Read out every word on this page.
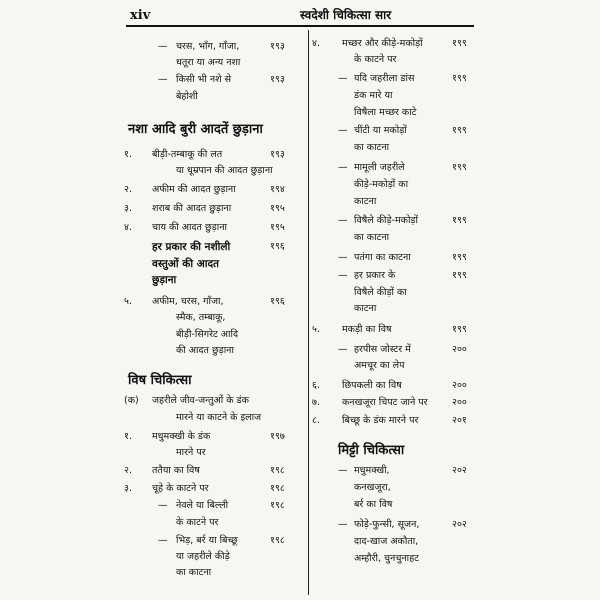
xiv	स्वदेशी चिकित्सा सार
— चरस, भाँग, गाँजा,	१९३
धतूरा या अन्य नशा
— किसी भी नशे से	१९३
बेहोशी
नशा आदि बुरी आदतें छुड़ाना
१. बीड़ी-तम्बाकू की लत	१९३
या धूम्रपान की आदत छुड़ाना
२. अफीम की आदत छुड़ाना	१९४
३. शराब की आदत छुड़ाना	१९५
४. चाय की आदत छुड़ाना	१९५
हर प्रकार की नशीली	१९६
वस्तुओं की आदत
छुड़ाना
५. अफीम, चरस, गाँजा,	१९६
स्मैक, तम्बाकू,
बीड़ी-सिगरेट आदि
की आदत छुड़ाना
विष चिकित्सा
(क) जहरीले जीव-जन्तुओं के डंक
मारने या काटने के इलाज
१. मधुमक्खी के डंक	१९७
मारने पर
२. ततैया का विष	१९८
३. चूहे के काटने पर	१९८
— नेवले या बिल्ली	१९८
के काटने पर
— भिड़, बर्र या बिच्छू	१९८
या जहरीले कीड़े
का काटना
४. मच्छर और कीड़े-मकोड़ों	१९९
के काटने पर
— यदि जहरीला डांस	१९९
डंक मारे या
विषैला मच्छर काटे
— चींटी या मकोड़ों	१९९
का काटना
— मामूली जहरीले	१९९
कीड़े-मकोड़ों का
काटना
— विषैले कीड़े-मकोड़ों	१९९
का काटना
— पतंगा का काटना	१९९
— हर प्रकार के	१९९
विषैले कीड़ों का
काटना
५. मकड़ी का विष	१९९
— हरपीस जोस्टर में	२००
अमचूर का लेप
६. छिपकली का विष	२००
७. कनखजूरा चिपट जाने पर	२००
८. बिच्छू के डंक मारने पर	२०१
मिट्टी चिकित्सा
— मधुमक्खी,	२०२
कनखजूरा,
बर्र का विष
— फोड़े-फुन्सी, सूजन,	२०२
दाद-खाज अकौता,
अम्हौरी, चुनचुनाहट
